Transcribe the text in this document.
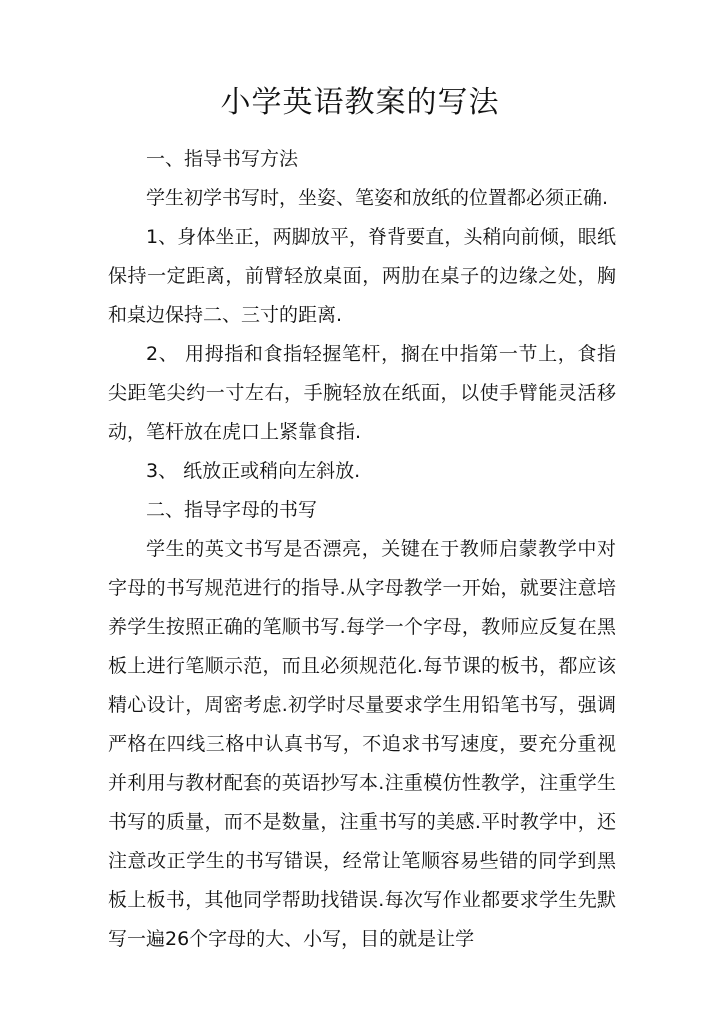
小学英语教案的写法

一、指导书写方法

学生初学书写时，坐姿、笔姿和放纸的位置都必须正确.

1、身体坐正，两脚放平，脊背要直，头稍向前倾，眼纸保持一定距离，前臂轻放桌面，两肋在桌子的边缘之处，胸和桌边保持二、三寸的距离.

2、 用拇指和食指轻握笔杆，搁在中指第一节上，食指尖距笔尖约一寸左右，手腕轻放在纸面，以使手臂能灵活移动，笔杆放在虎口上紧靠食指.

3、 纸放正或稍向左斜放.

二、指导字母的书写

学生的英文书写是否漂亮，关键在于教师启蒙教学中对字母的书写规范进行的指导.从字母教学一开始，就要注意培养学生按照正确的笔顺书写.每学一个字母，教师应反复在黑板上进行笔顺示范，而且必须规范化.每节课的板书，都应该精心设计，周密考虑.初学时尽量要求学生用铅笔书写，强调严格在四线三格中认真书写，不追求书写速度，要充分重视并利用与教材配套的英语抄写本.注重模仿性教学，注重学生书写的质量，而不是数量，注重书写的美感.平时教学中，还注意改正学生的书写错误，经常让笔顺容易些错的同学到黑板上板书，其他同学帮助找错误.每次写作业都要求学生先默写一遍26个字母的大、小写，目的就是让学
